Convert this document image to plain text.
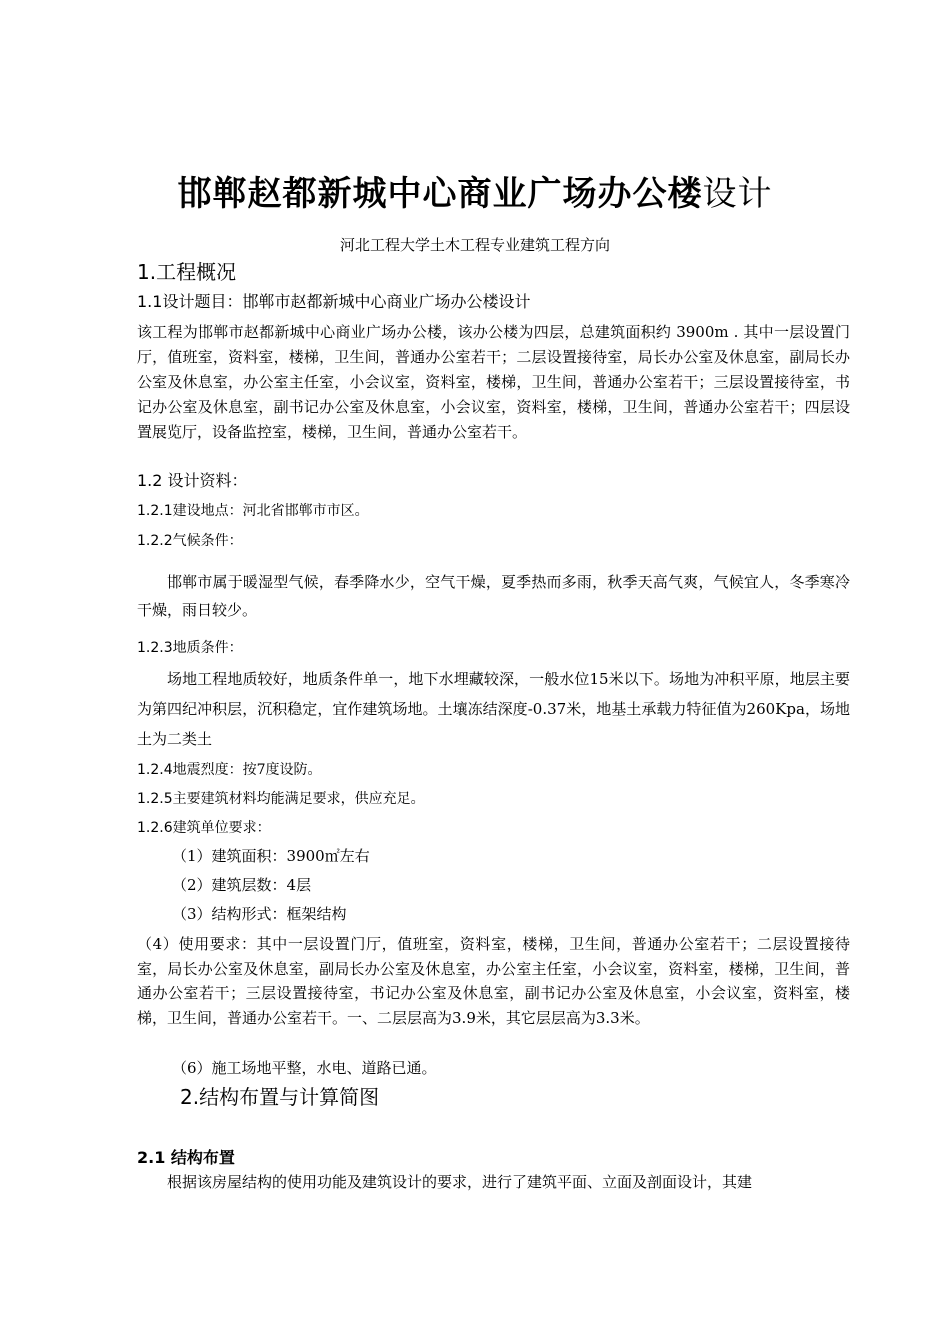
邯郸赵都新城中心商业广场办公楼设计
河北工程大学土木工程专业建筑工程方向
1.工程概况
1.1设计题目：邯郸市赵都新城中心商业广场办公楼设计
该工程为邯郸市赵都新城中心商业广场办公楼，该办公楼为四层，总建筑面积约 3900m . 其中一层设置门厅，值班室，资料室，楼梯，卫生间，普通办公室若干；二层设置接待室，局长办公室及休息室，副局长办公室及休息室，办公室主任室，小会议室，资料室，楼梯，卫生间，普通办公室若干；三层设置接待室，书记办公室及休息室，副书记办公室及休息室，小会议室，资料室，楼梯，卫生间，普通办公室若干；四层设置展览厅，设备监控室，楼梯，卫生间，普通办公室若干。
1.2 设计资料：
1.2.1建设地点：河北省邯郸市市区。
1.2.2气候条件：
邯郸市属于暖湿型气候，春季降水少，空气干燥，夏季热而多雨，秋季天高气爽，气候宜人，冬季寒冷干燥，雨日较少。
1.2.3地质条件：
场地工程地质较好，地质条件单一，地下水埋藏较深，一般水位15米以下。场地为冲积平原，地层主要为第四纪冲积层，沉积稳定，宜作建筑场地。土壤冻结深度-0.37米，地基土承载力特征值为260Kpa，场地土为二类土
1.2.4地震烈度：按7度设防。
1.2.5主要建筑材料均能满足要求，供应充足。
1.2.6建筑单位要求：
（1）建筑面积：3900㎡左右
（2）建筑层数：4层
（3）结构形式：框架结构
（4）使用要求：其中一层设置门厅，值班室，资料室，楼梯，卫生间，普通办公室若干；二层设置接待室，局长办公室及休息室，副局长办公室及休息室，办公室主任室，小会议室，资料室，楼梯，卫生间，普通办公室若干；三层设置接待室，书记办公室及休息室，副书记办公室及休息室，小会议室，资料室，楼梯，卫生间，普通办公室若干。一、二层层高为3.9米，其它层层高为3.3米。
（6）施工场地平整，水电、道路已通。
2.结构布置与计算简图
2.1 结构布置
根据该房屋结构的使用功能及建筑设计的要求，进行了建筑平面、立面及剖面设计，其建
